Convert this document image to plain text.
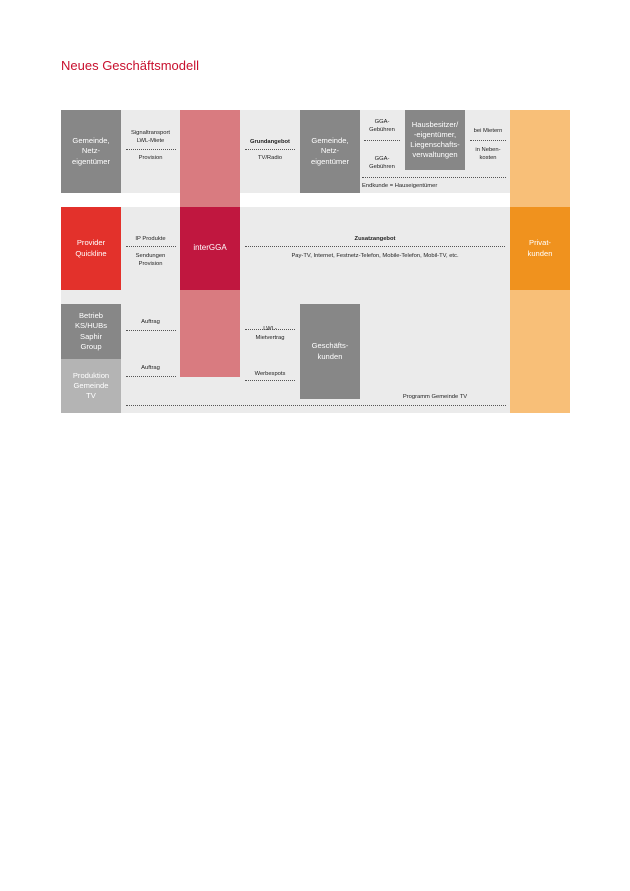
Neues Geschäftsmodell
interGGA
Privat-
kunden
Gemeinde,
Netz-
eigentümer
Signaltransport
LWL-Miete
Provision
Grundangebot
TV/Radio
Gemeinde,
Netz-
eigentümer
GGA-
Gebühren
GGA-
Gebühren
Hausbesitzer/
-eigentümer,
Liegenschafts-
verwaltungen
bei Mietern
in Neben-
kosten
Endkunde = Hauseigentümer
Provider
Quickline
IP Produkte
Sendungen
Provision
Zusatzangebot
Pay-TV, Internet, Festnetz-Telefon, Mobile-Telefon, Mobil-TV, etc.
Betrieb
KS/HUBs
Saphir
Group
Produktion
Gemeinde
TV
Auftrag
Auftrag

LWL-
Mietvertrag

Werbespots
Geschäfts-
kunden
Programm Gemeinde TV
